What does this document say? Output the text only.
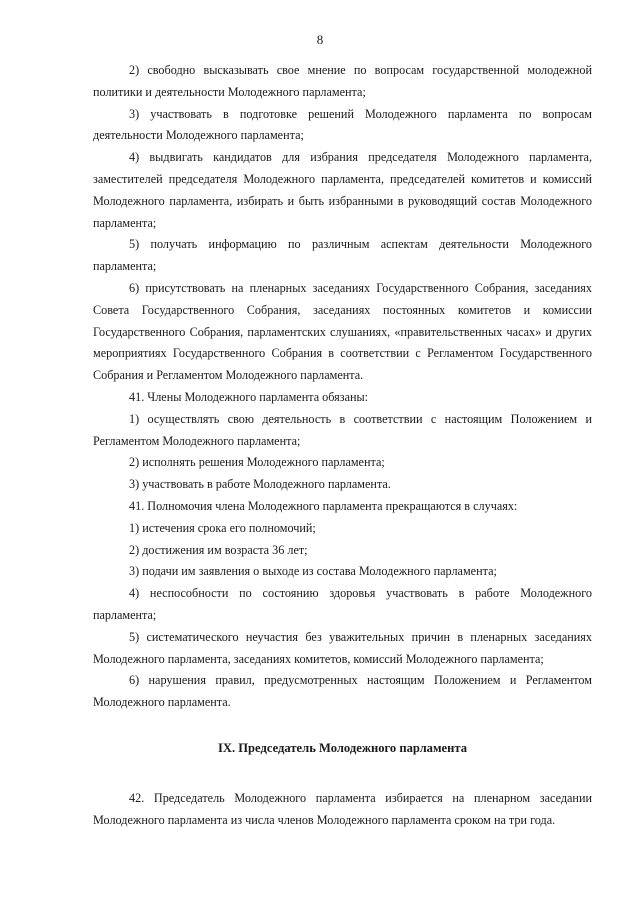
8

2) свободно высказывать свое мнение по вопросам государственной молодежной политики и деятельности Молодежного парламента;

3) участвовать в подготовке решений Молодежного парламента по вопросам деятельности Молодежного парламента;

4) выдвигать кандидатов для избрания председателя Молодежного парламента, заместителей председателя Молодежного парламента, председателей комитетов и комиссий Молодежного парламента, избирать и быть избранными в руководящий состав Молодежного парламента;

5) получать информацию по различным аспектам деятельности Молодежного парламента;

6) присутствовать на пленарных заседаниях Государственного Собрания, заседаниях Совета Государственного Собрания, заседаниях постоянных комитетов и комиссии Государственного Собрания, парламентских слушаниях, «правительственных часах» и других мероприятиях Государственного Собрания в соответствии с Регламентом Государственного Собрания и Регламентом Молодежного парламента.

41. Члены Молодежного парламента обязаны:

1) осуществлять свою деятельность в соответствии с настоящим Положением и Регламентом Молодежного парламента;

2) исполнять решения Молодежного парламента;

3) участвовать в работе Молодежного парламента.

41. Полномочия члена Молодежного парламента прекращаются в случаях:

1) истечения срока его полномочий;

2) достижения им возраста 36 лет;

3) подачи им заявления о выходе из состава Молодежного парламента;

4) неспособности по состоянию здоровья участвовать в работе Молодежного парламента;

5) систематического неучастия без уважительных причин в пленарных заседаниях Молодежного парламента, заседаниях комитетов, комиссий Молодежного парламента;

6) нарушения правил, предусмотренных настоящим Положением и Регламентом Молодежного парламента.

IX. Председатель Молодежного парламента

42. Председатель Молодежного парламента избирается на пленарном заседании Молодежного парламента из числа членов Молодежного парламента сроком на три года.
